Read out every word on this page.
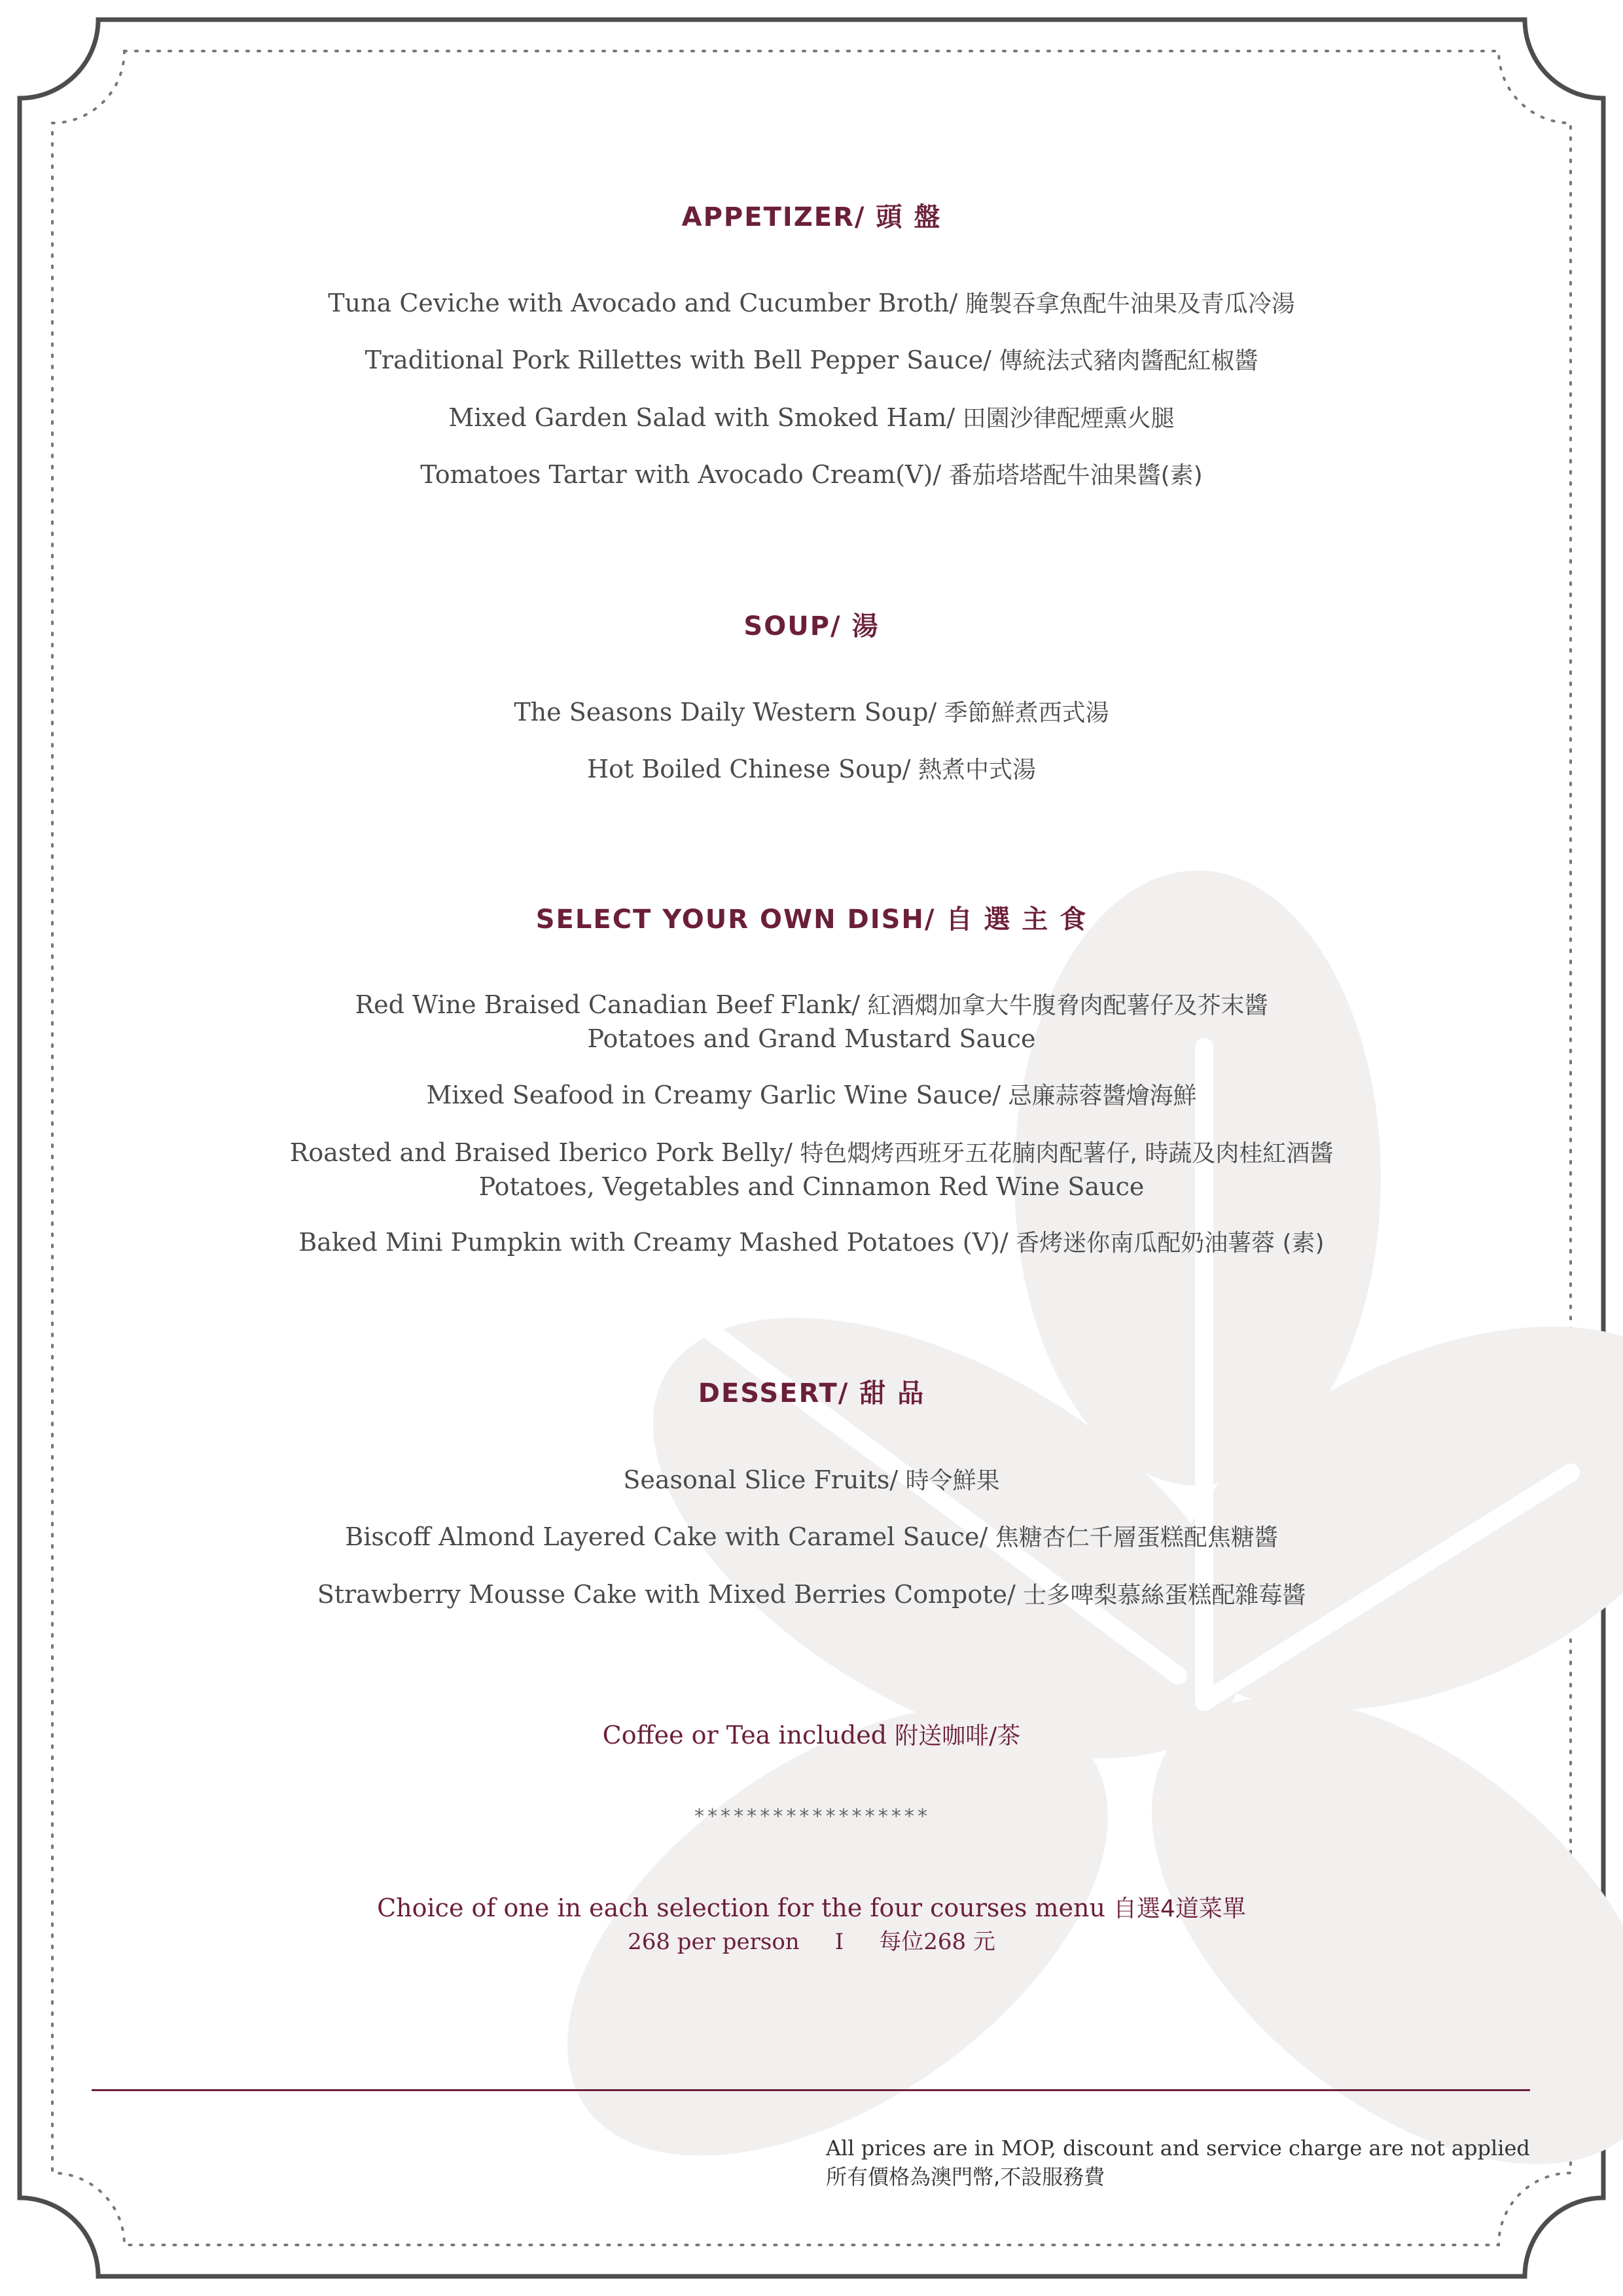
APPETIZER/ 頭 盤
Tuna Ceviche with Avocado and Cucumber Broth/ 腌製吞拿魚配牛油果及青瓜冷湯
Traditional Pork Rillettes with Bell Pepper Sauce/ 傳統法式豬肉醬配紅椒醬
Mixed Garden Salad with Smoked Ham/ 田園沙律配煙熏火腿
Tomatoes Tartar with Avocado Cream(V)/ 番茄塔塔配牛油果醬(素)
SOUP/ 湯
The Seasons Daily Western Soup/ 季節鮮煮西式湯
Hot Boiled Chinese Soup/ 熱煮中式湯
SELECT YOUR OWN DISH/ 自 選 主 食
Red Wine Braised Canadian Beef Flank/ 紅酒燜加拿大牛腹脅肉配薯仔及芥末醬
Potatoes and Grand Mustard Sauce
Mixed Seafood in Creamy Garlic Wine Sauce/ 忌廉蒜蓉醬燴海鮮
Roasted and Braised Iberico Pork Belly/ 特色燜烤西班牙五花腩肉配薯仔, 時蔬及肉桂紅酒醬
Potatoes, Vegetables and Cinnamon Red Wine Sauce
Baked Mini Pumpkin with Creamy Mashed Potatoes (V)/ 香烤迷你南瓜配奶油薯蓉 (素)
DESSERT/ 甜 品
Seasonal Slice Fruits/ 時令鮮果
Biscoff Almond Layered Cake with Caramel Sauce/ 焦糖杏仁千層蛋糕配焦糖醬
Strawberry Mousse Cake with Mixed Berries Compote/ 士多啤梨慕絲蛋糕配雜莓醬
Coffee or Tea included 附送咖啡/茶
******************
Choice of one in each selection for the four courses menu 自選4道菜單
268 per person     I     每位268 元
All prices are in MOP, discount and service charge are not applied
所有價格為澳門幣,不設服務費
